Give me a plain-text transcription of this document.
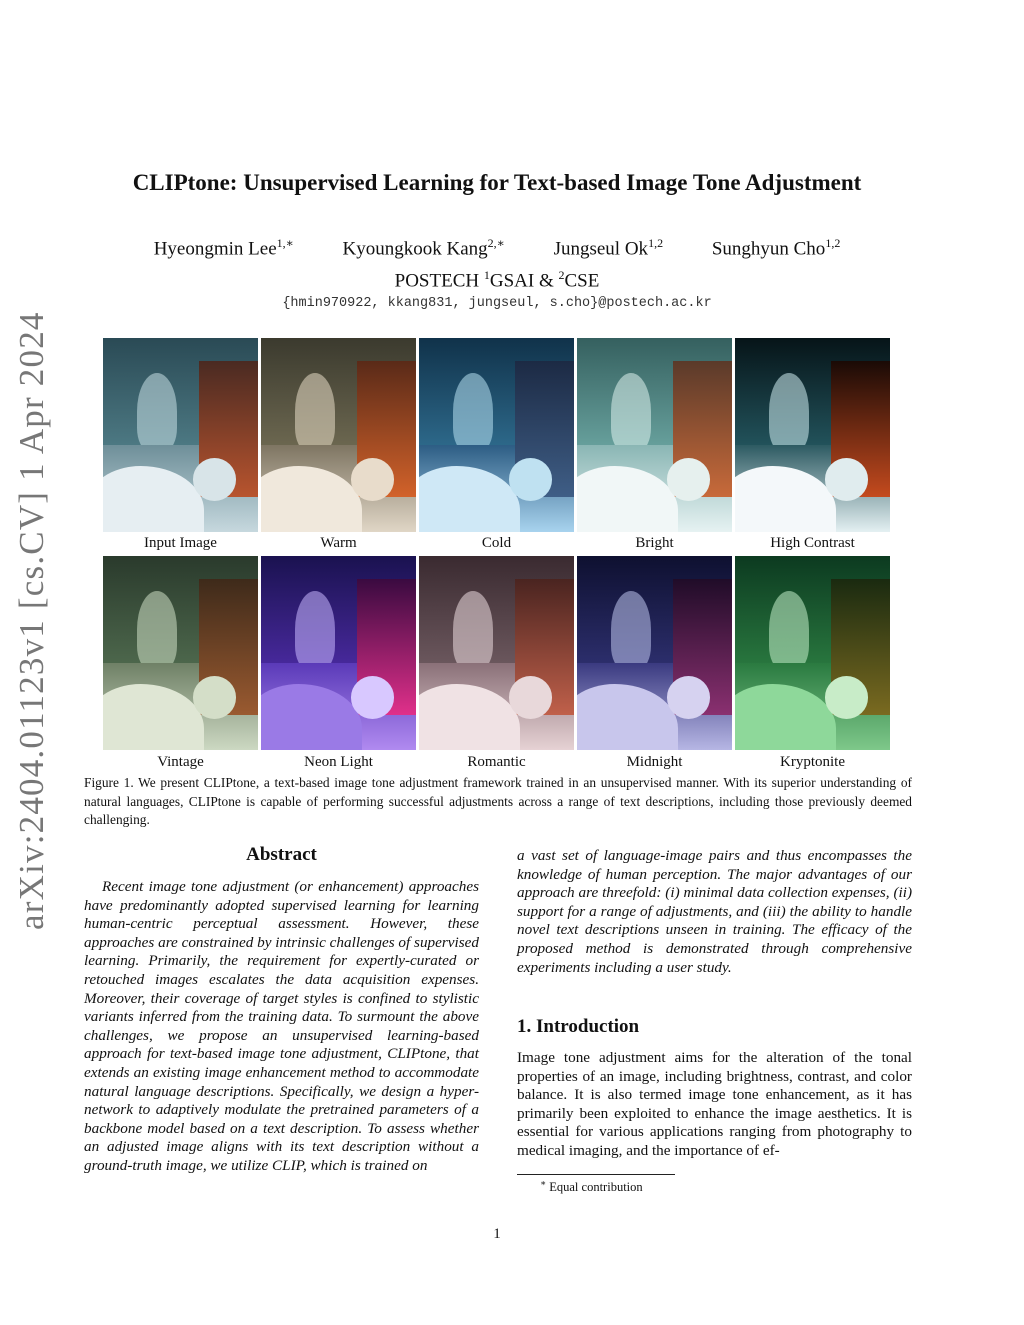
arXiv:2404.01123v1 [cs.CV] 1 Apr 2024
CLIPtone: Unsupervised Learning for Text-based Image Tone Adjustment
Hyeongmin Lee$^{1,∗}$	Kyoungkook Kang$^{2,∗}$	Jungseul Ok$^{1,2}$	Sunghyun Cho$^{1,2}$
POSTECH $^1$GSAI & $^2$CSE
{hmin970922, kkang831, jungseul, s.cho}@postech.ac.kr
Input Image	Warm	Cold	Bright	High Contrast
Vintage	Neon Light	Romantic	Midnight	Kryptonite
Figure 1. We present CLIPtone, a text-based image tone adjustment framework trained in an unsupervised manner. With its superior understanding of natural languages, CLIPtone is capable of performing successful adjustments across a range of text descriptions, including those previously deemed challenging.
Abstract
Recent image tone adjustment (or enhancement) approaches have predominantly adopted supervised learning for learning human-centric perceptual assessment. However, these approaches are constrained by intrinsic challenges of supervised learning. Primarily, the requirement for expertly-curated or retouched images escalates the data acquisition expenses. Moreover, their coverage of target styles is confined to stylistic variants inferred from the training data. To surmount the above challenges, we propose an unsupervised learning-based approach for text-based image tone adjustment, CLIPtone, that extends an existing image enhancement method to accommodate natural language descriptions. Specifically, we design a hyper-network to adaptively modulate the pretrained parameters of a backbone model based on a text description. To assess whether an adjusted image aligns with its text description without a ground-truth image, we utilize CLIP, which is trained on
a vast set of language-image pairs and thus encompasses the knowledge of human perception. The major advantages of our approach are threefold: (i) minimal data collection expenses, (ii) support for a range of adjustments, and (iii) the ability to handle novel text descriptions unseen in training. The efficacy of the proposed method is demonstrated through comprehensive experiments including a user study.
1. Introduction
Image tone adjustment aims for the alteration of the tonal properties of an image, including brightness, contrast, and color balance. It is also termed image tone enhancement, as it has primarily been exploited to enhance the image aesthetics. It is essential for various applications ranging from photography to medical imaging, and the importance of ef-
∗ Equal contribution
1
